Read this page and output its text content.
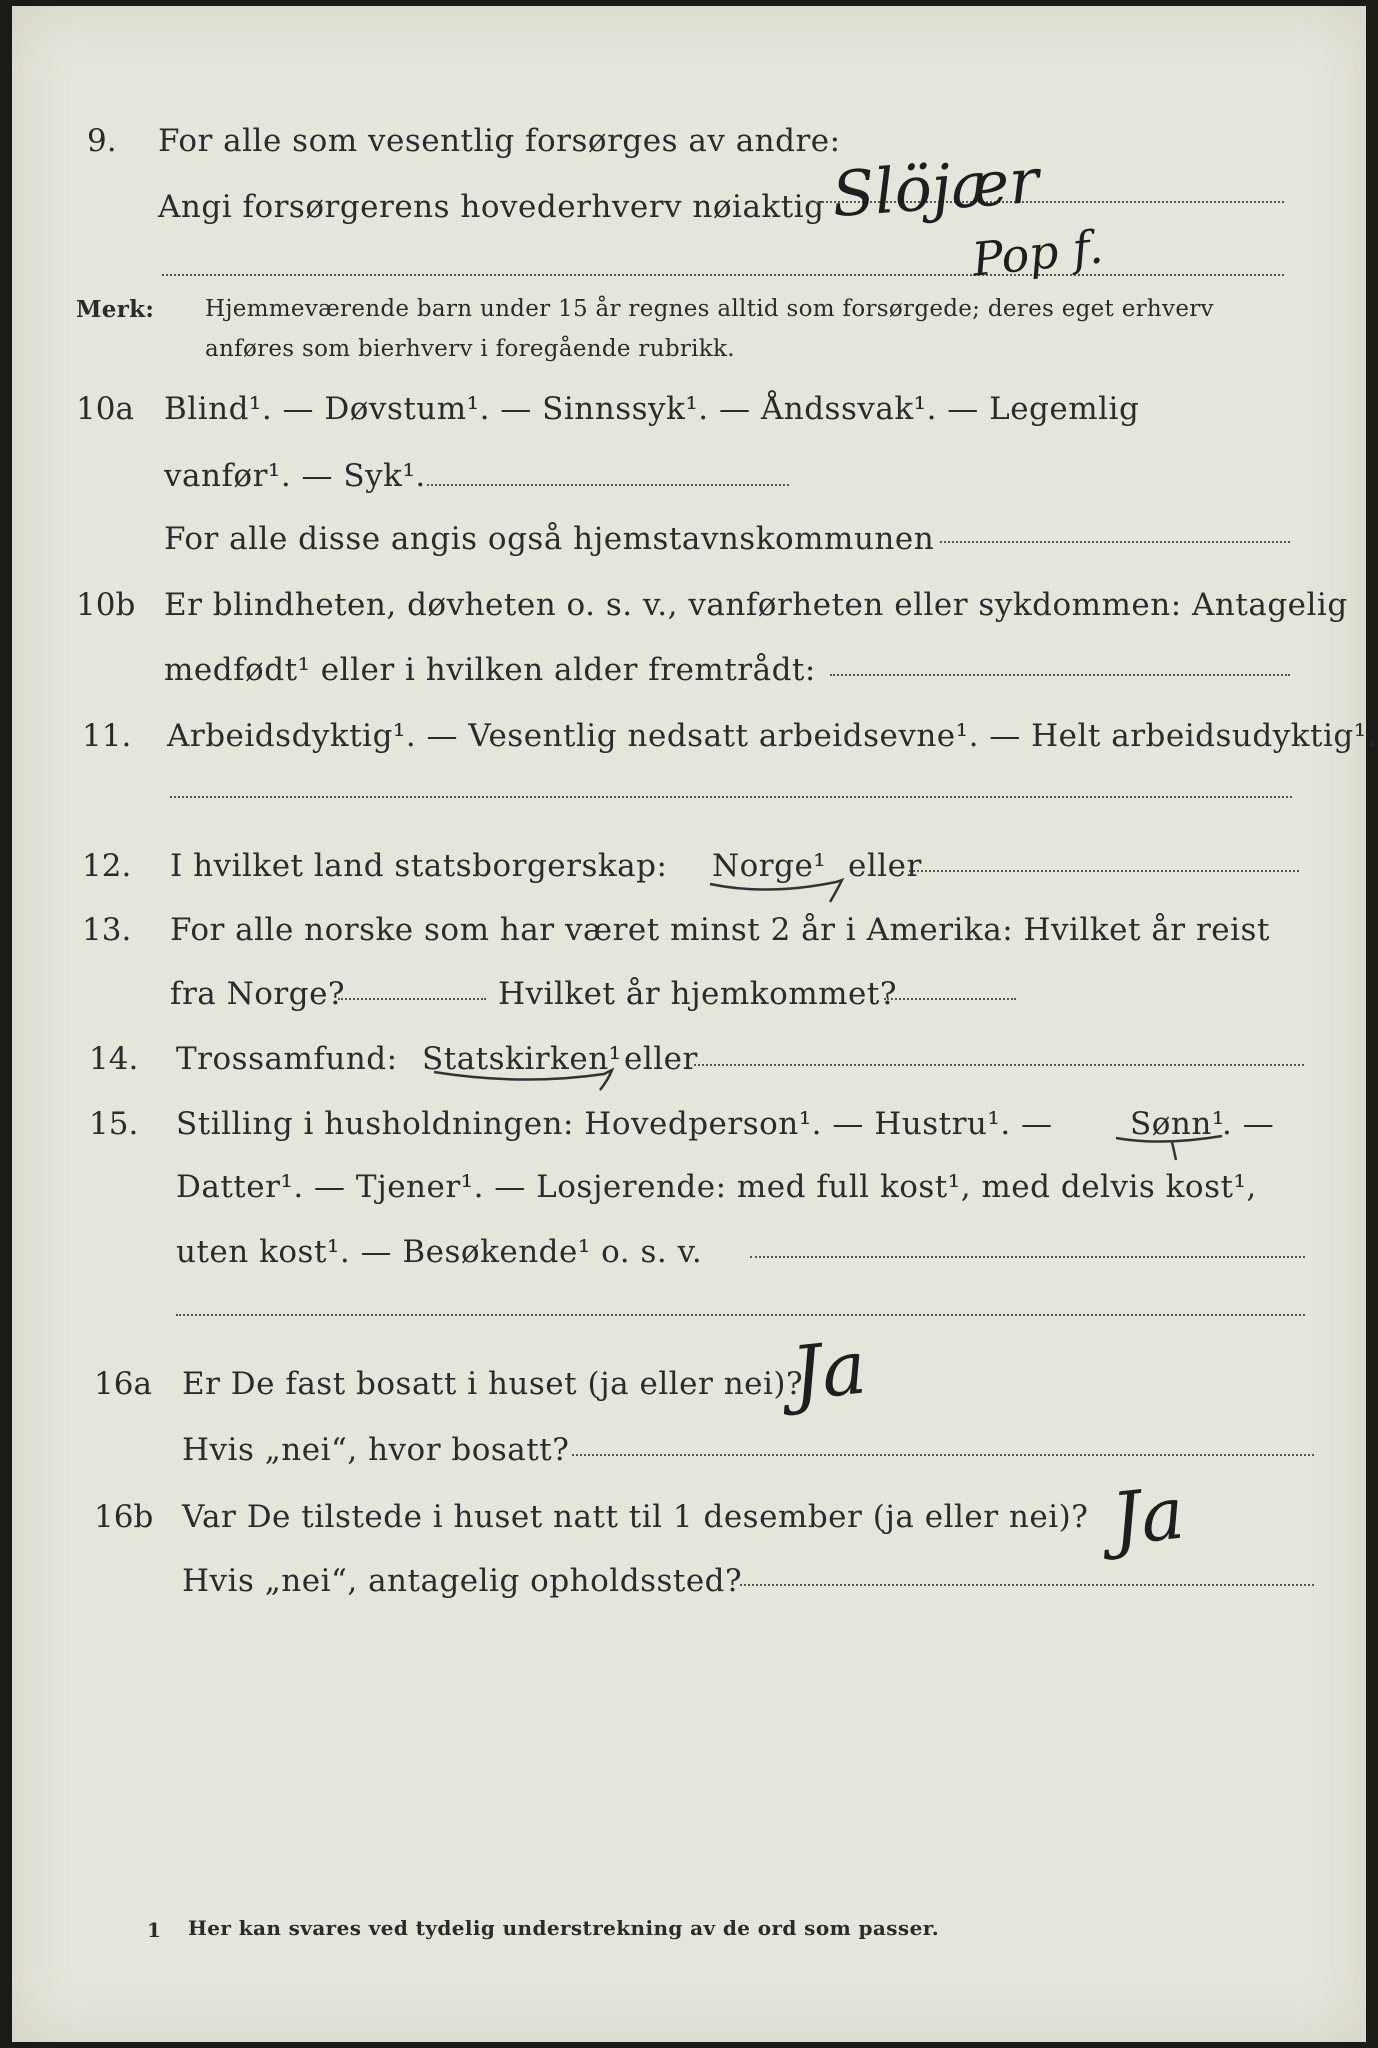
9. For alle som vesentlig forsørges av andre:
Angi forsørgerens hovederhverv nøiaktig Slöjær
Pop f.
Merk: Hjemmeværende barn under 15 år regnes alltid som forsørgede; deres eget erhverv
anføres som bierhverv i foregående rubrikk.
10a Blind¹. — Døvstum¹. — Sinnssyk¹. — Åndssvak¹. — Legemlig
vanfør¹. — Syk¹.
For alle disse angis også hjemstavnskommunen
10b Er blindheten, døvheten o. s. v., vanførheten eller sykdommen: Antagelig
medfødt¹ eller i hvilken alder fremtrådt:
11. Arbeidsdyktig¹. — Vesentlig nedsatt arbeidsevne¹. — Helt arbeidsudyktig¹.
12. I hvilket land statsborgerskap: Norge¹ eller
13. For alle norske som har været minst 2 år i Amerika: Hvilket år reist
fra Norge?	Hvilket år hjemkommet?
14. Trossamfund: Statskirken¹ eller
15. Stilling i husholdningen: Hovedperson¹. — Hustru¹. — Sønn¹
. —
Datter¹. — Tjener¹. — Losjerende: med full kost¹, med delvis kost¹,
uten kost¹. — Besøkende¹ o. s. v.
16a Er De fast bosatt i huset (ja eller nei)?
Ja
Hvis „nei“, hvor bosatt?
16b Var De tilstede i huset natt til 1 desember (ja eller nei)? Ja
Hvis „nei“, antagelig opholdssted?
1 Her kan svares ved tydelig understrekning av de ord som passer.
